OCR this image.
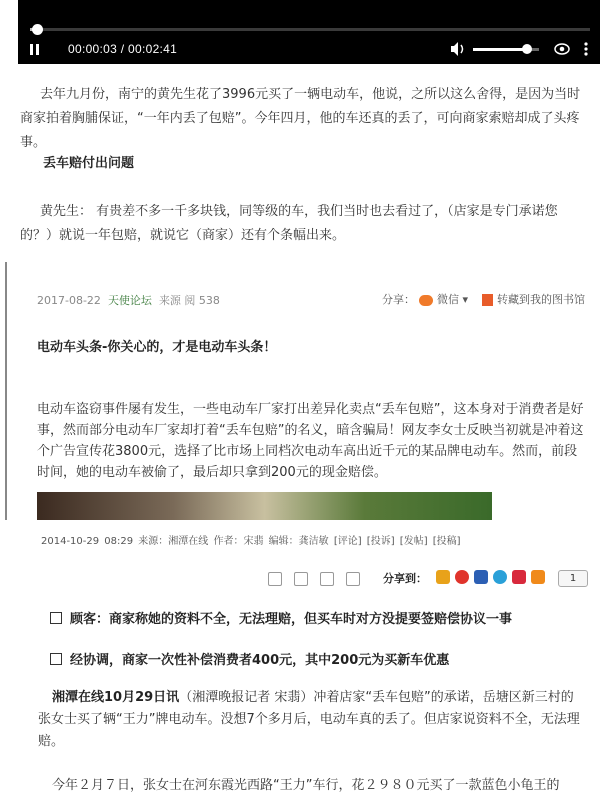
00:00:03 / 00:02:41
去年九月份，南宁的黄先生花了3996元买了一辆电动车，他说，之所以这么舍得，是因为当时商家拍着胸脯保证，“一年内丢了包赔”。今年四月，他的车还真的丢了，可向商家索赔却成了头疼事。
丢车赔付出问题
黄先生： 有贵差不多一千多块钱，同等级的车，我们当时也去看过了，（店家是专门承诺您的？）就说一年包赔，就说它（商家）还有个条幅出来。
2017-08-22 天使论坛 来源 阅 538	分享： 微信 ▾	转藏到我的图书馆
电动车头条-你关心的，才是电动车头条！
电动车盗窃事件屡有发生，一些电动车厂家打出差异化卖点“丢车包赔”，这本身对于消费者是好事，然而部分电动车厂家却打着“丢车包赔”的名义，暗含骗局！网友李女士反映当初就是冲着这个广告宣传花3800元，选择了比市场上同档次电动车高出近千元的某品牌电动车。然而，前段时间，她的电动车被偷了，最后却只拿到200元的现金赔偿。
2014-10-29 08:29 来源：湘潭在线 作者：宋翡 编辑：龚洁敏 [评论] [投诉] [发帖] [投稿]
分享到：	1
顾客：商家称她的资料不全，无法理赔，但买车时对方没提要签赔偿协议一事
经协调，商家一次性补偿消费者400元，其中200元为买新车优惠
湘潭在线10月29日讯（湘潭晚报记者 宋翡）冲着店家“丢车包赔”的承诺，岳塘区新三村的张女士买了辆“王力”牌电动车。没想7个多月后，电动车真的丢了。但店家说资料不全，无法理赔。
今年２月７日，张女士在河东霞光西路“王力”车行，花２９８０元买了一款蓝色小龟王的
